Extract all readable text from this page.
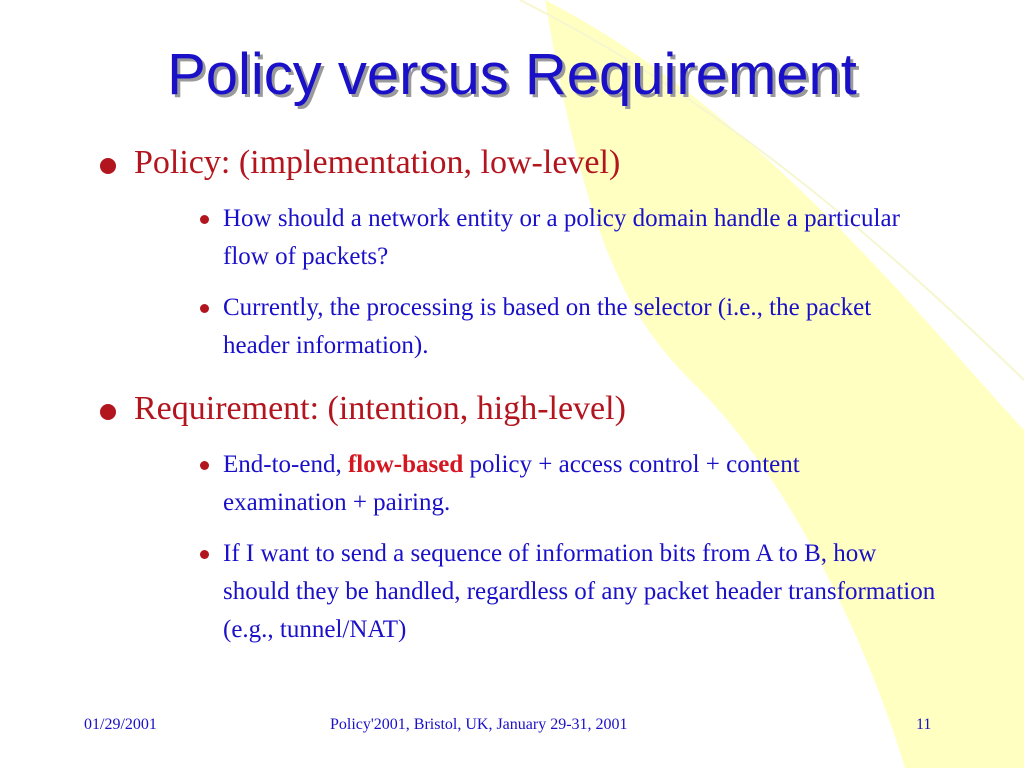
Policy versus Requirement
Policy: (implementation, low-level)
How should a network entity or a policy domain handle a particular flow of packets?
Currently, the processing is based on the selector (i.e., the packet header information).
Requirement: (intention, high-level)
End-to-end, flow-based policy + access control + content examination + pairing.
If I want to send a sequence of information bits from A to B, how should they be handled, regardless of any packet header transformation (e.g., tunnel/NAT)
01/29/2001	Policy'2001, Bristol, UK, January 29-31, 2001	11
